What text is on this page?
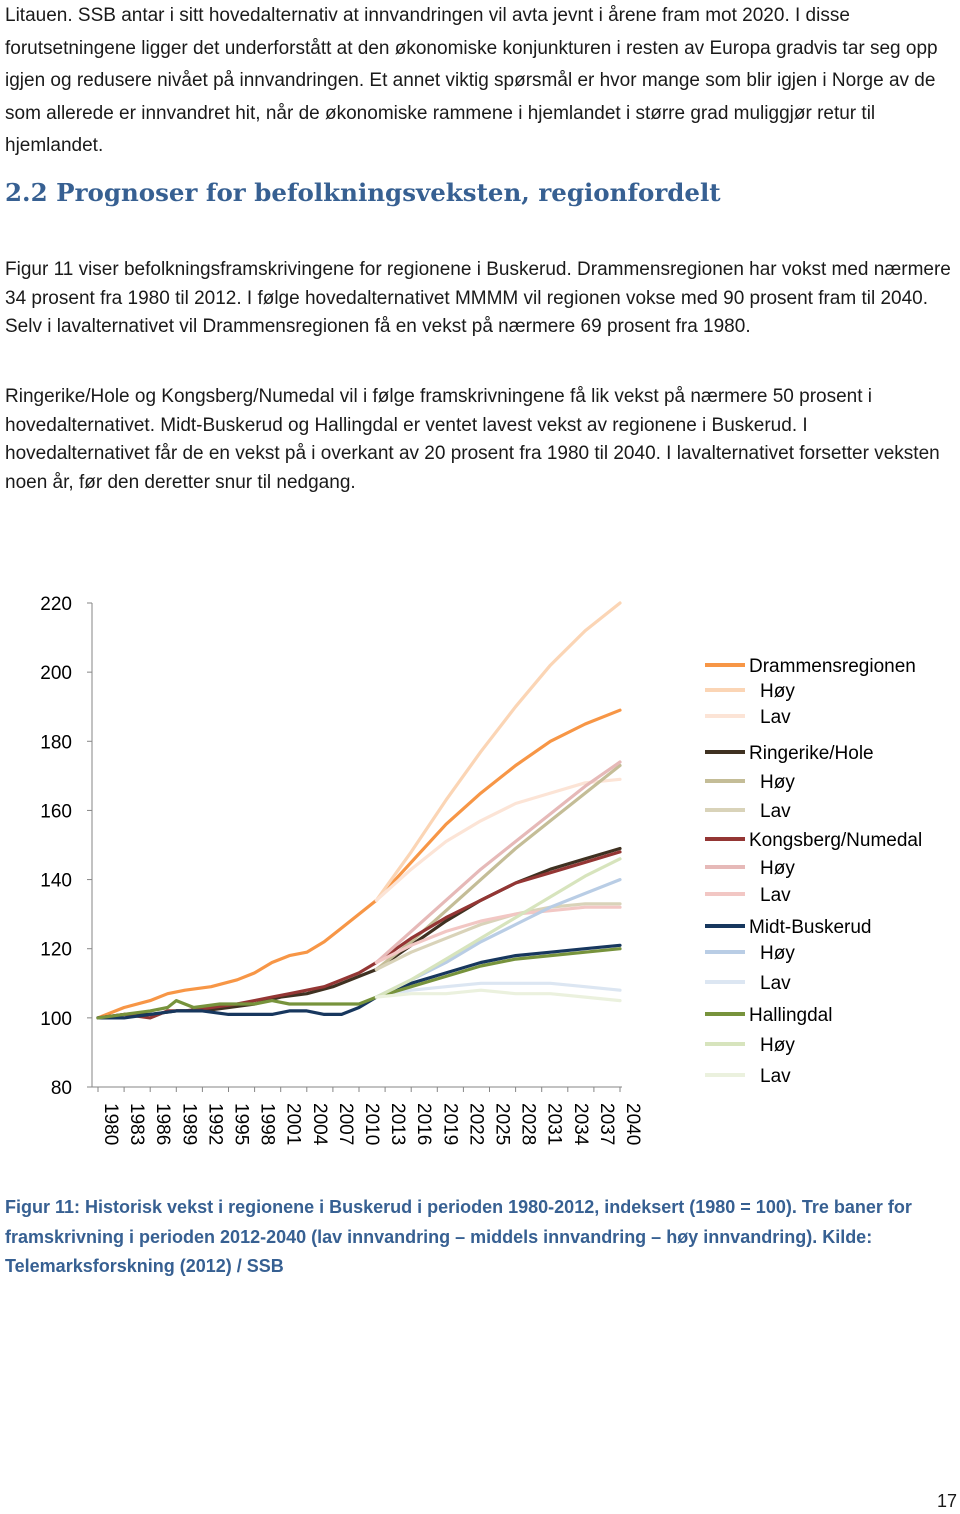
Litauen. SSB antar i sitt hovedalternativ at innvandringen vil avta jevnt i årene fram mot 2020. I disse forutsetningene ligger det underforstått at den økonomiske konjunkturen i resten av Europa gradvis tar seg opp igjen og redusere nivået på innvandringen. Et annet viktig spørsmål er hvor mange som blir igjen i Norge av de som allerede er innvandret hit, når de økonomiske rammene i hjemlandet i større grad muliggjør retur til hjemlandet.

2.2 Prognoser for befolkningsveksten, regionfordelt

Figur 11 viser befolkningsframskrivingene for regionene i Buskerud. Drammensregionen har vokst med nærmere 34 prosent fra 1980 til 2012. I følge hovedalternativet MMMM vil regionen vokse med 90 prosent fram til 2040. Selv i lavalternativet vil Drammensregionen få en vekst på nærmere 69 prosent fra 1980.

Ringerike/Hole og Kongsberg/Numedal vil i følge framskrivningene få lik vekst på nærmere 50 prosent i hovedalternativet. Midt-Buskerud og Hallingdal er ventet lavest vekst av regionene i Buskerud. I hovedalternativet får de en vekst på i overkant av 20 prosent fra 1980 til 2040. I lavalternativet forsetter veksten noen år, før den deretter snur til nedgang.

80
100
120
140
160
180
200
220
1980 1983 1986 1989 1992 1995 1998 2001 2004 2007 2010 2013 2016 2019 2022 2025 2028 2031 2034 2037 2040
Drammensregionen
Høy
Lav
Ringerike/Hole
Høy
Lav
Kongsberg/Numedal
Høy
Lav
Midt-Buskerud
Høy
Lav
Hallingdal
Høy
Lav

Figur 11: Historisk vekst i regionene i Buskerud i perioden 1980-2012, indeksert (1980 = 100). Tre baner for framskrivning i perioden 2012-2040 (lav innvandring – middels innvandring – høy innvandring). Kilde: Telemarksforskning (2012) / SSB

17
